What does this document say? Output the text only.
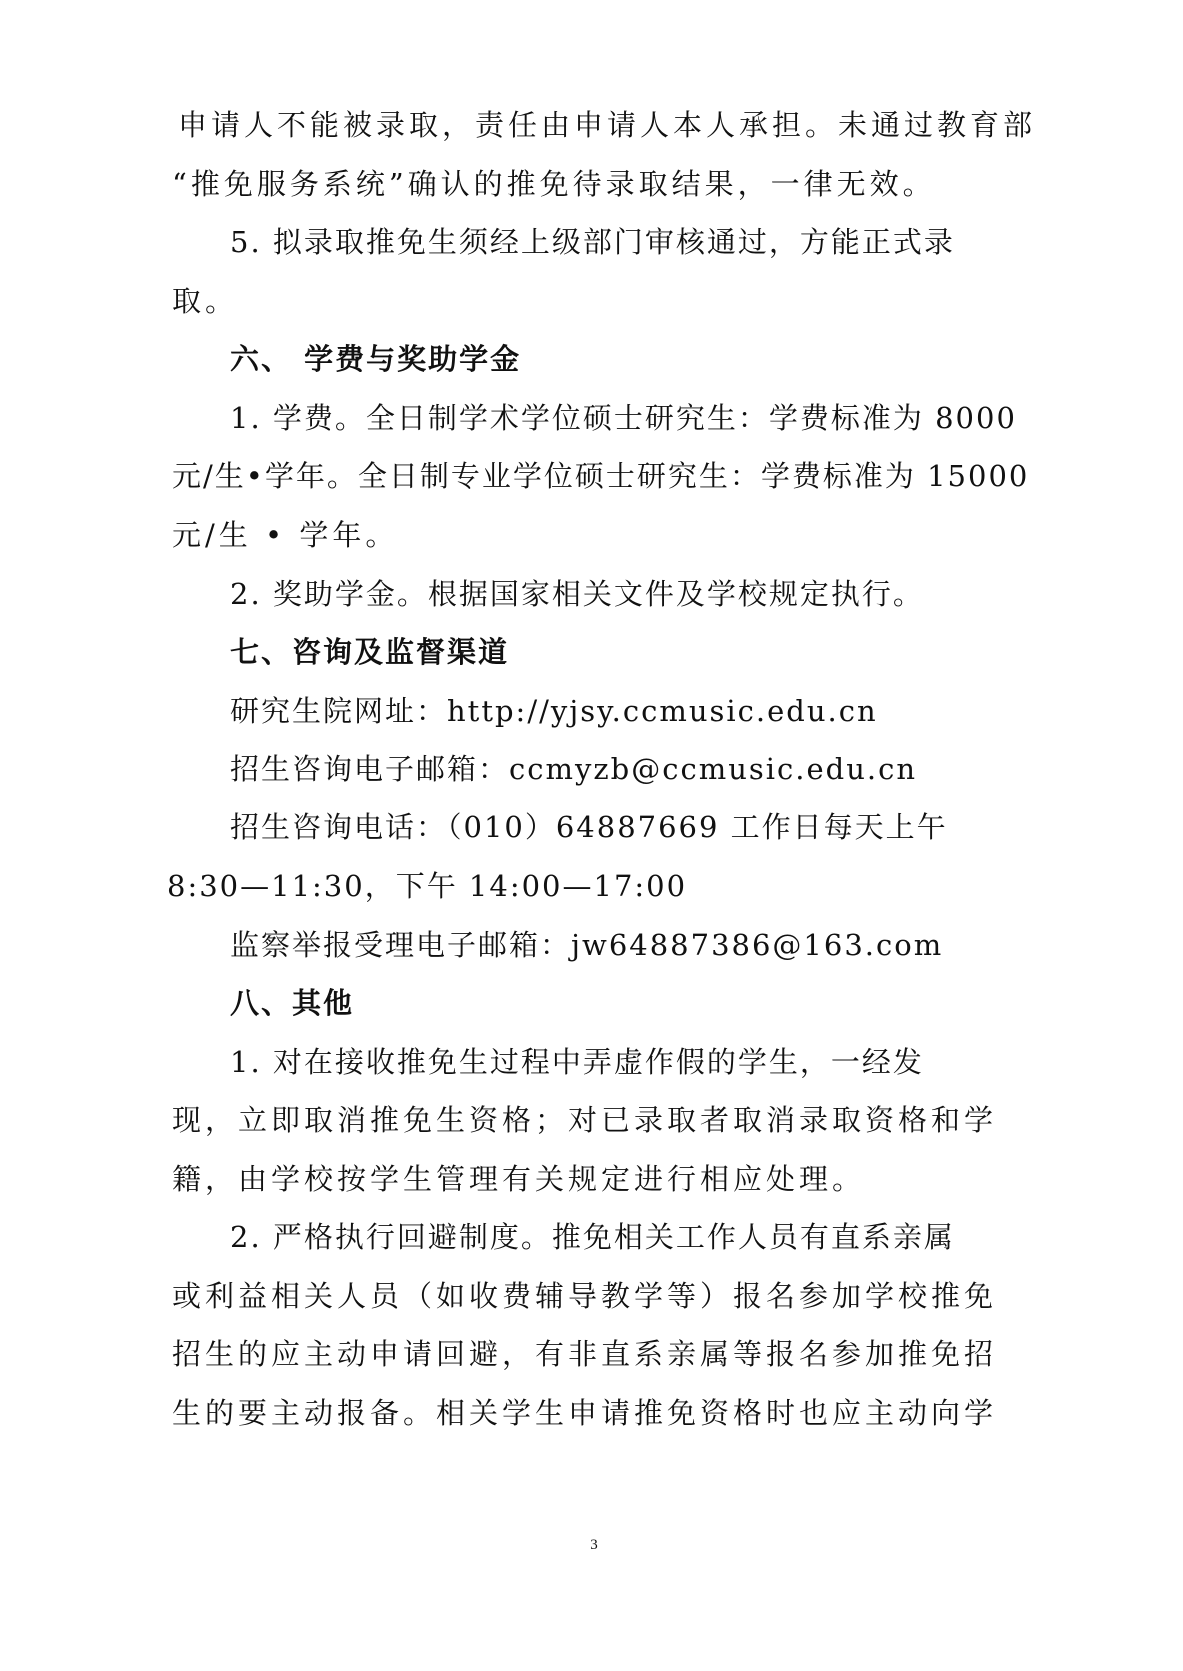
申请人不能被录取，责任由申请人本人承担。未通过教育部
“推免服务系统”确认的推免待录取结果，一律无效。
5. 拟录取推免生须经上级部门审核通过，方能正式录
取。
六、 学费与奖助学金
1. 学费。全日制学术学位硕士研究生：学费标准为 8000
元/生•学年。全日制专业学位硕士研究生：学费标准为 15000
元/生 • 学年。
2. 奖助学金。根据国家相关文件及学校规定执行。
七、咨询及监督渠道
研究生院网址：http://yjsy.ccmusic.edu.cn
招生咨询电子邮箱：ccmyzb@ccmusic.edu.cn
招生咨询电话：（010）64887669 工作日每天上午
8:30—11:30，下午 14:00—17:00
监察举报受理电子邮箱：jw64887386@163.com
八、其他
1. 对在接收推免生过程中弄虚作假的学生，一经发
现，立即取消推免生资格；对已录取者取消录取资格和学
籍，由学校按学生管理有关规定进行相应处理。
2. 严格执行回避制度。推免相关工作人员有直系亲属
或利益相关人员（如收费辅导教学等）报名参加学校推免
招生的应主动申请回避，有非直系亲属等报名参加推免招
生的要主动报备。相关学生申请推免资格时也应主动向学
3
